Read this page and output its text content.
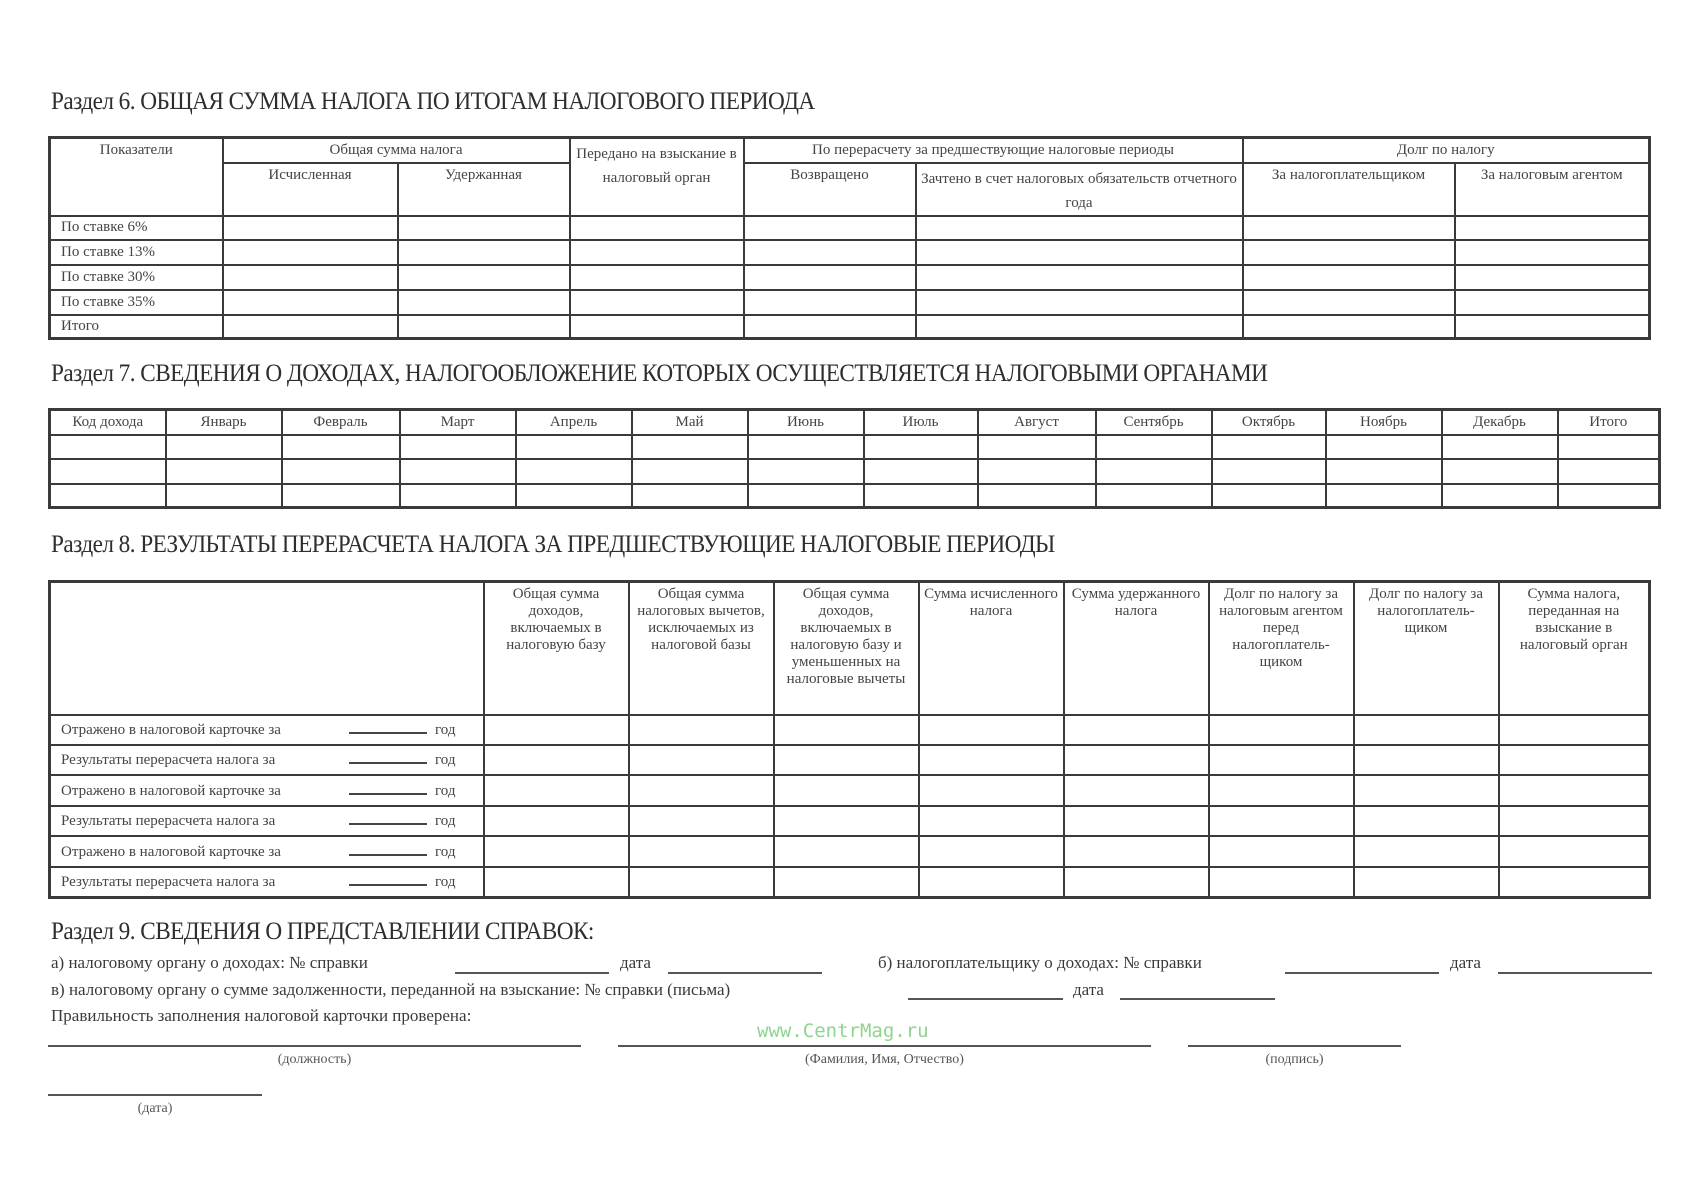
Раздел 6. ОБЩАЯ СУММА НАЛОГА ПО ИТОГАМ НАЛОГОВОГО ПЕРИОДА
Показатели	Общая сумма налога		Передано на взыскание в налоговый орган	По перерасчету за предшествующие налоговые периоды		Долг по налогу	
	Исчисленная	Удержанная		Возвращено	Зачтено в счет налоговых обязательств отчетного года	За налогоплательщиком	За налоговым агентом
По ставке 6%							
По ставке 13%							
По ставке 30%							
По ставке 35%							
Итого							
Раздел 7. СВЕДЕНИЯ О ДОХОДАХ, НАЛОГООБЛОЖЕНИЕ КОТОРЫХ ОСУЩЕСТВЛЯЕТСЯ НАЛОГОВЫМИ ОРГАНАМИ
Код дохода	Январь	Февраль	Март	Апрель	Май	Июнь	Июль	Август	Сентябрь	Октябрь	Ноябрь	Декабрь	Итого

Раздел 8. РЕЗУЛЬТАТЫ ПЕРЕРАСЧЕТА НАЛОГА ЗА ПРЕДШЕСТВУЮЩИЕ НАЛОГОВЫЕ ПЕРИОДЫ
	Общая сумма доходов, включаемых в налоговую базу	Общая сумма налоговых вычетов, исключаемых из налоговой базы	Общая сумма доходов, включаемых в налоговую базу и уменьшенных на налоговые вычеты	Сумма исчисленного налога	Сумма удержанного налога	Долг по налогу за налоговым агентом перед налогоплатель-щиком	Долг по налогу за налогоплатель-щиком	Сумма налога, переданная на взыскание в налоговый орган
Отражено в налоговой карточке за год								
Результаты перерасчета налога за год								
Отражено в налоговой карточке за год								
Результаты перерасчета налога за год								
Отражено в налоговой карточке за год								
Результаты перерасчета налога за год								
Раздел 9. СВЕДЕНИЯ О ПРЕДСТАВЛЕНИИ СПРАВОК:
а) налоговому органу о доходах: № справки	дата	б) налогоплательщику о доходах: № справки	дата
в) налоговому органу о сумме задолженности, переданной на взыскание: № справки (письма)	дата
Правильность заполнения налоговой карточки проверена:
(должность)	(Фамилия, Имя, Отчество)	(подпись)
(дата)
www.CentrMag.ru
